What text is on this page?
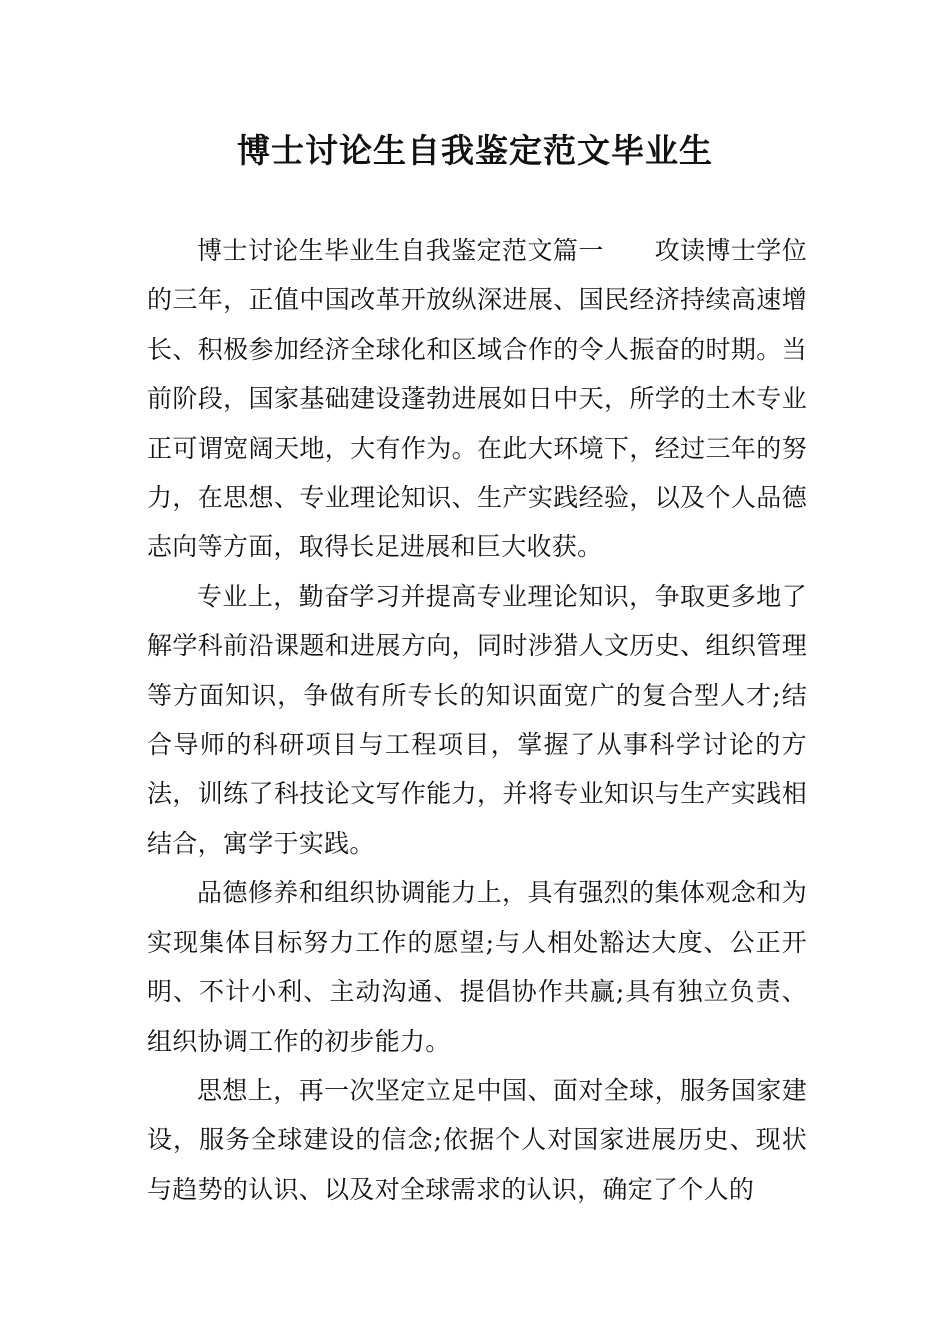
博士讨论生自我鉴定范文毕业生

博士讨论生毕业生自我鉴定范文篇一　　攻读博士学位的三年，正值中国改革开放纵深进展、国民经济持续高速增长、积极参加经济全球化和区域合作的令人振奋的时期。当前阶段，国家基础建设蓬勃进展如日中天，所学的土木专业正可谓宽阔天地，大有作为。在此大环境下，经过三年的努力，在思想、专业理论知识、生产实践经验，以及个人品德志向等方面，取得长足进展和巨大收获。

专业上，勤奋学习并提高专业理论知识，争取更多地了解学科前沿课题和进展方向，同时涉猎人文历史、组织管理等方面知识，争做有所专长的知识面宽广的复合型人才;结合导师的科研项目与工程项目，掌握了从事科学讨论的方法，训练了科技论文写作能力，并将专业知识与生产实践相结合，寓学于实践。

品德修养和组织协调能力上，具有强烈的集体观念和为实现集体目标努力工作的愿望;与人相处豁达大度、公正开明、不计小利、主动沟通、提倡协作共赢;具有独立负责、组织协调工作的初步能力。

思想上，再一次坚定立足中国、面对全球，服务国家建设，服务全球建设的信念;依据个人对国家进展历史、现状与趋势的认识、以及对全球需求的认识，确定了个人的
